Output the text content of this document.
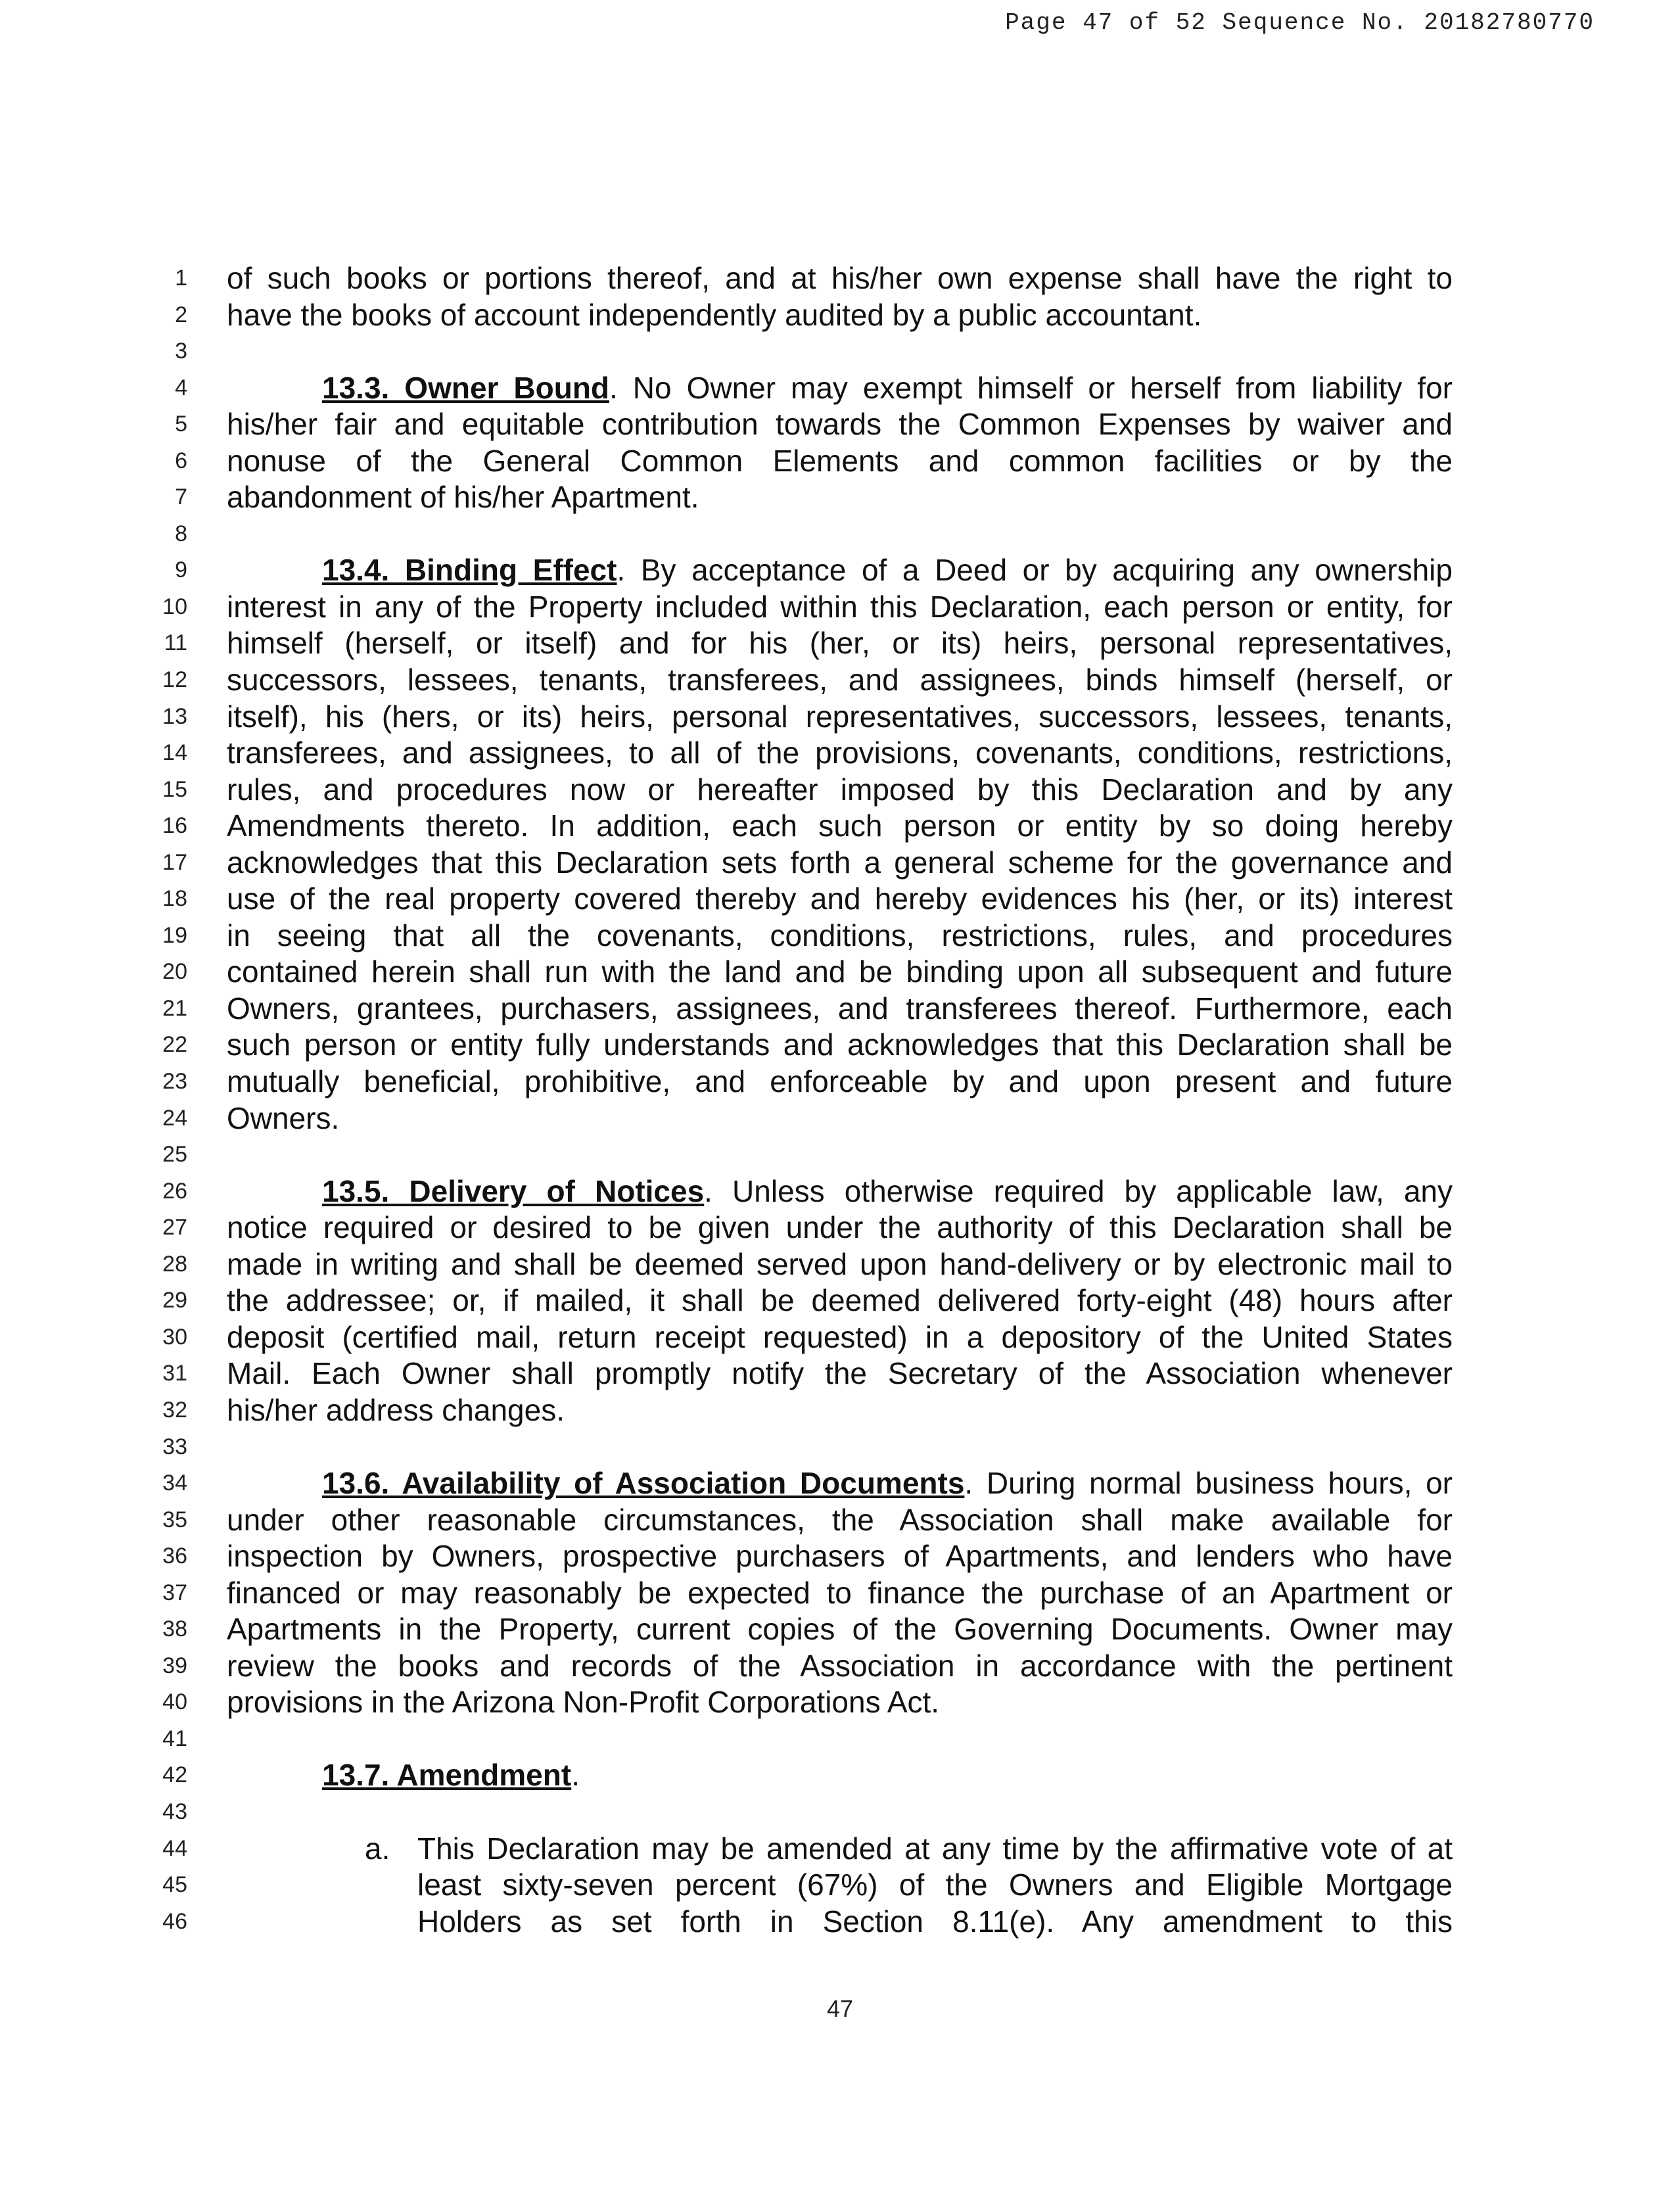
Page 47 of 52 Sequence No. 20182780770
1
2
3
4
5
6
7
8
9
10
11
12
13
14
15
16
17
18
19
20
21
22
23
24
25
26
27
28
29
30
31
32
33
34
35
36
37
38
39
40
41
42
43
44
45
46
of such books or portions thereof, and at his/her own expense shall have the right to
have the books of account independently audited by a public accountant.
13.3. Owner Bound. No Owner may exempt himself or herself from liability for
his/her fair and equitable contribution towards the Common Expenses by waiver and
nonuse of the General Common Elements and common facilities or by the
abandonment of his/her Apartment.
13.4. Binding Effect. By acceptance of a Deed or by acquiring any ownership
interest in any of the Property included within this Declaration, each person or entity, for
himself (herself, or itself) and for his (her, or its) heirs, personal representatives,
successors, lessees, tenants, transferees, and assignees, binds himself (herself, or
itself), his (hers, or its) heirs, personal representatives, successors, lessees, tenants,
transferees, and assignees, to all of the provisions, covenants, conditions, restrictions,
rules, and procedures now or hereafter imposed by this Declaration and by any
Amendments thereto. In addition, each such person or entity by so doing hereby
acknowledges that this Declaration sets forth a general scheme for the governance and
use of the real property covered thereby and hereby evidences his (her, or its) interest
in seeing that all the covenants, conditions, restrictions, rules, and procedures
contained herein shall run with the land and be binding upon all subsequent and future
Owners, grantees, purchasers, assignees, and transferees thereof. Furthermore, each
such person or entity fully understands and acknowledges that this Declaration shall be
mutually beneficial, prohibitive, and enforceable by and upon present and future
Owners.
13.5. Delivery of Notices. Unless otherwise required by applicable law, any
notice required or desired to be given under the authority of this Declaration shall be
made in writing and shall be deemed served upon hand-delivery or by electronic mail to
the addressee; or, if mailed, it shall be deemed delivered forty-eight (48) hours after
deposit (certified mail, return receipt requested) in a depository of the United States
Mail. Each Owner shall promptly notify the Secretary of the Association whenever
his/her address changes.
13.6. Availability of Association Documents. During normal business hours, or
under other reasonable circumstances, the Association shall make available for
inspection by Owners, prospective purchasers of Apartments, and lenders who have
financed or may reasonably be expected to finance the purchase of an Apartment or
Apartments in the Property, current copies of the Governing Documents. Owner may
review the books and records of the Association in accordance with the pertinent
provisions in the Arizona Non-Profit Corporations Act.
13.7. Amendment.
a. This Declaration may be amended at any time by the affirmative vote of at
least sixty-seven percent (67%) of the Owners and Eligible Mortgage
Holders as set forth in Section 8.11(e). Any amendment to this
47
